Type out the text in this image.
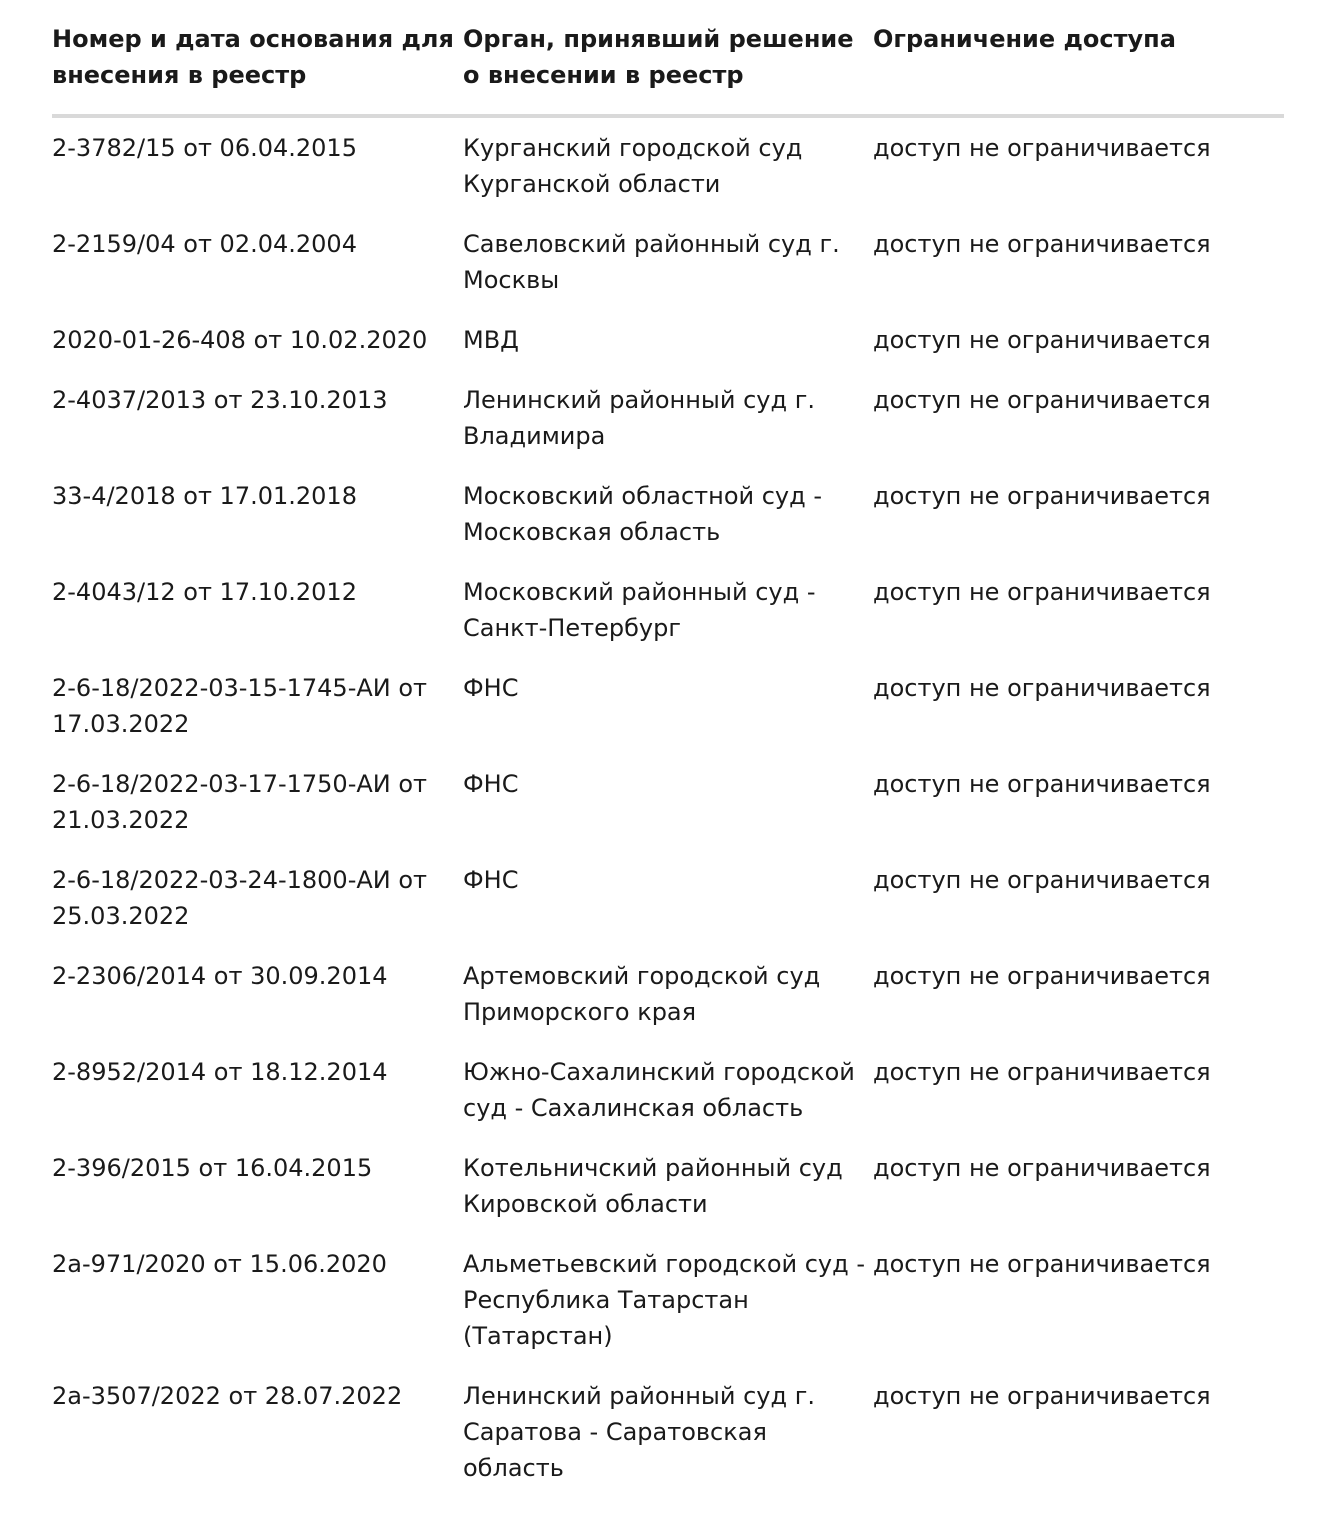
Номер и дата основания для внесения в реестр	Орган, принявший решение о внесении в реестр	Ограничение доступа
2-3782/15 от 06.04.2015	Курганский городской суд Курганской области	доступ не ограничивается
2-2159/04 от 02.04.2004	Савеловский районный суд г. Москвы	доступ не ограничивается
2020-01-26-408 от 10.02.2020	МВД	доступ не ограничивается
2-4037/2013 от 23.10.2013	Ленинский районный суд г. Владимира	доступ не ограничивается
33-4/2018 от 17.01.2018	Московский областной суд - Московская область	доступ не ограничивается
2-4043/12 от 17.10.2012	Московский районный суд - Санкт-Петербург	доступ не ограничивается
2-6-18/2022-03-15-1745-АИ от 17.03.2022	ФНС	доступ не ограничивается
2-6-18/2022-03-17-1750-АИ от 21.03.2022	ФНС	доступ не ограничивается
2-6-18/2022-03-24-1800-АИ от 25.03.2022	ФНС	доступ не ограничивается
2-2306/2014 от 30.09.2014	Артемовский городской суд Приморского края	доступ не ограничивается
2-8952/2014 от 18.12.2014	Южно-Сахалинский городской суд - Сахалинская область	доступ не ограничивается
2-396/2015 от 16.04.2015	Котельничский районный суд Кировской области	доступ не ограничивается
2а-971/2020 от 15.06.2020	Альметьевский городской суд - Республика Татарстан (Татарстан)	доступ не ограничивается
2а-3507/2022 от 28.07.2022	Ленинский районный суд г. Саратова - Саратовская область	доступ не ограничивается
